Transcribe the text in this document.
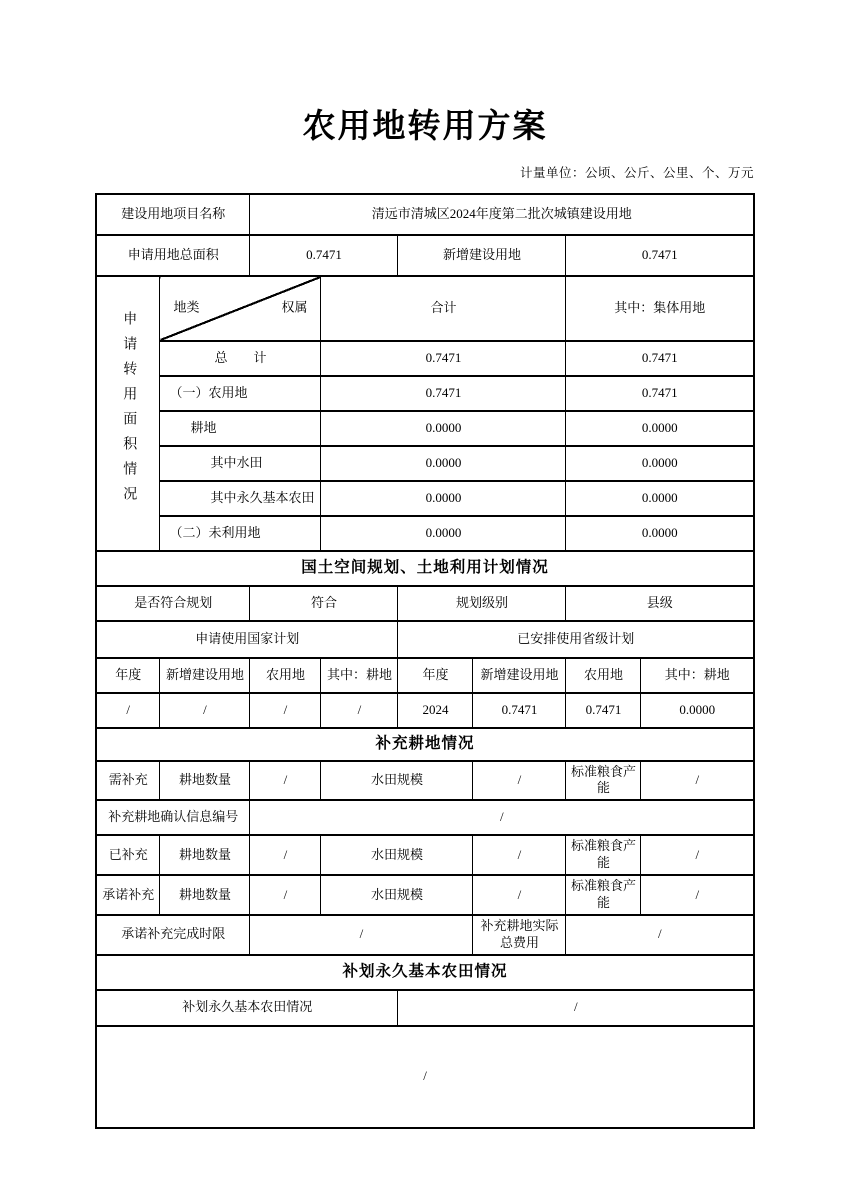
农用地转用方案
计量单位：公顷、公斤、公里、个、万元
建设用地项目名称		清远市清城区2024年度第二批次城镇建设用地					
申请用地总面积		0.7471		新增建设用地		0.7471	
申请转用面积情况	地类 权属		合计			其中：集体用地	
	总　　计		0.7471			0.7471	
	（一）农用地		0.7471			0.7471	
	耕地		0.0000			0.0000	
	其中水田		0.0000			0.0000	
	其中永久基本农田		0.0000			0.0000	
	（二）未利用地		0.0000			0.0000	
国土空间规划、土地利用计划情况							
是否符合规划		符合		规划级别		县级	
申请使用国家计划				已安排使用省级计划			
年度	新增建设用地	农用地	其中：耕地	年度	新增建设用地	农用地	其中：耕地
/	/	/	/	2024	0.7471	0.7471	0.0000
补充耕地情况							
需补充	耕地数量	/	水田规模		/	标准粮食产能	/
补充耕地确认信息编号		/					
已补充	耕地数量	/	水田规模		/	标准粮食产能	/
承诺补充	耕地数量	/	水田规模		/	标准粮食产能	/
承诺补充完成时限		/			补充耕地实际总费用	/	
补划永久基本农田情况							
补划永久基本农田情况				/			
/							
